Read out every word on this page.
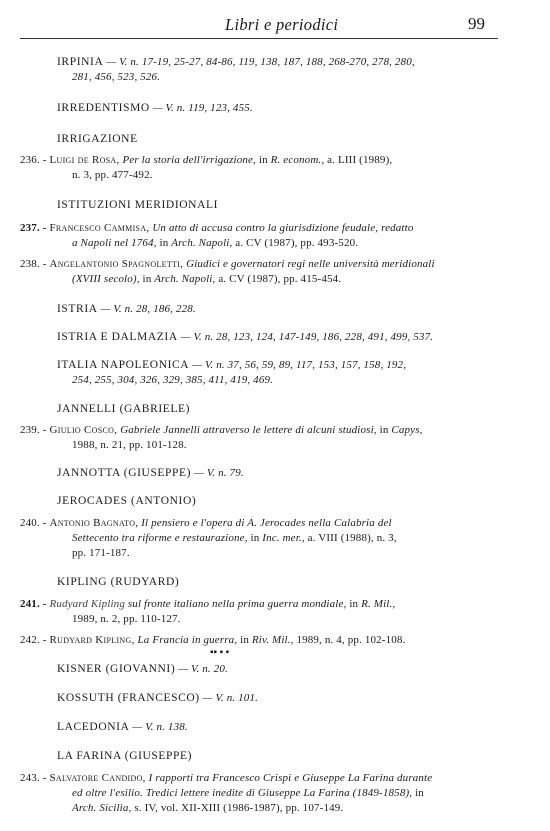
Libri e periodici	99
IRPINIA — V. n. 17-19, 25-27, 84-86, 119, 138, 187, 188, 268-270, 278, 280,
281, 456, 523, 526.
IRREDENTISMO — V. n. 119, 123, 455.
IRRIGAZIONE
236. - Luigi de Rosa, Per la storia dell'irrigazione, in R. econom., a. LIII (1989),
n. 3, pp. 477-492.
ISTITUZIONI MERIDIONALI
237. - Francesco Cammisa, Un atto di accusa contro la giurisdizione feudale, redatto
a Napoli nel 1764, in Arch. Napoli, a. CV (1987), pp. 493-520.
238. - Angelantonio Spagnoletti, Giudici e governatori regi nelle università meridionali
(XVIII secolo), in Arch. Napoli, a. CV (1987), pp. 415-454.
ISTRIA — V. n. 28, 186, 228.
ISTRIA E DALMAZIA — V. n. 28, 123, 124, 147-149, 186, 228, 491, 499, 537.
ITALIA NAPOLEONICA — V. n. 37, 56, 59, 89, 117, 153, 157, 158, 192,
254, 255, 304, 326, 329, 385, 411, 419, 469.
JANNELLI (GABRIELE)
239. - Giulio Cosco, Gabriele Jannelli attraverso le lettere di alcuni studiosi, in Capys,
1988, n. 21, pp. 101-128.
JANNOTTA (GIUSEPPE) — V. n. 79.
JEROCADES (ANTONIO)
240. - Antonio Bagnato, Il pensiero e l'opera di A. Jerocades nella Calabria del
Settecento tra riforme e restaurazione, in Inc. mer., a. VIII (1988), n. 3,
pp. 171-187.
KIPLING (RUDYARD)
241. - Rudyard Kipling sul fronte italiano nella prima guerra mondiale, in R. Mil.,
1989, n. 2, pp. 110-127.
242. - Rudyard Kipling, La Francia in guerra, in Riv. Mil., 1989, n. 4, pp. 102-108.
▪▪ ▪ ▪
KISNER (GIOVANNI) — V. n. 20.
KOSSUTH (FRANCESCO) — V. n. 101.
LACEDONIA — V. n. 138.
LA FARINA (GIUSEPPE)
243. - Salvatore Candido, I rapporti tra Francesco Crispi e Giuseppe La Farina durante
ed oltre l'esilio. Tredici lettere inedite di Giuseppe La Farina (1849-1858), in
Arch. Sicilia, s. IV, vol. XII-XIII (1986-1987), pp. 107-149.
